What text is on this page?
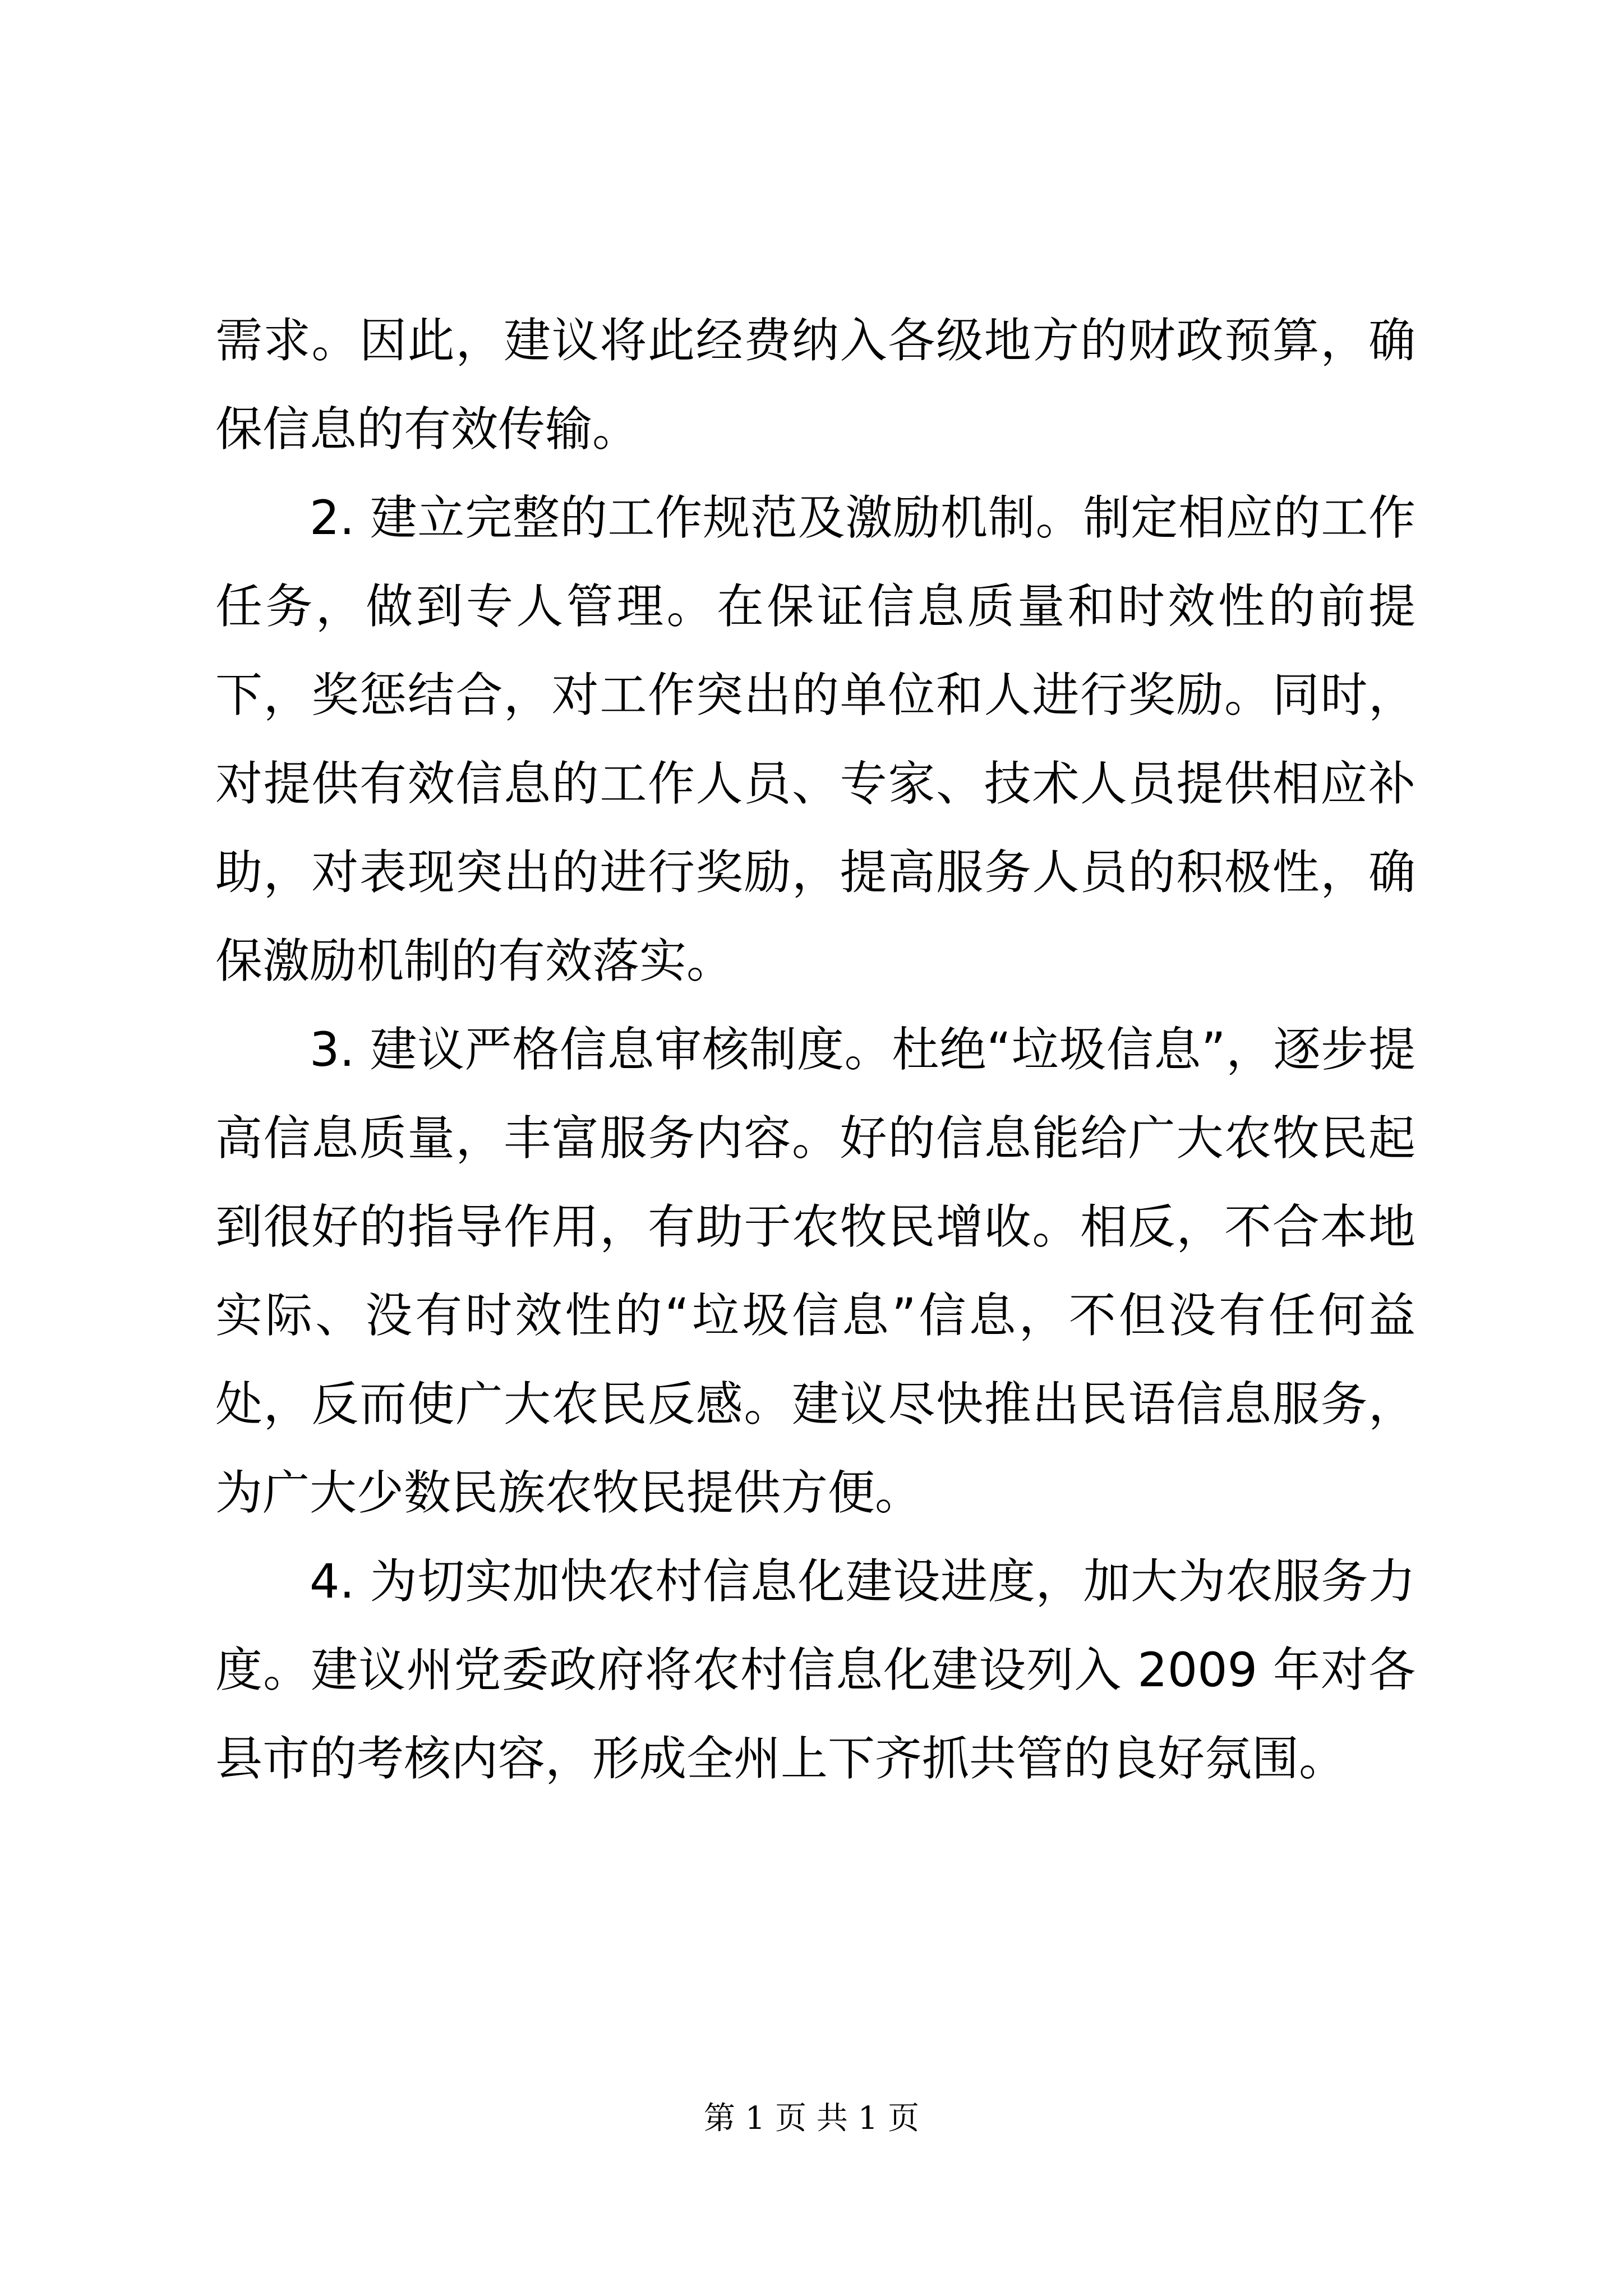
需求。因此，建议将此经费纳入各级地方的财政预算，确保信息的有效传输。

2. 建立完整的工作规范及激励机制。制定相应的工作任务，做到专人管理。在保证信息质量和时效性的前提下，奖惩结合，对工作突出的单位和人进行奖励。同时，对提供有效信息的工作人员、专家、技术人员提供相应补助，对表现突出的进行奖励，提高服务人员的积极性，确保激励机制的有效落实。

3. 建议严格信息审核制度。杜绝“垃圾信息”，逐步提高信息质量，丰富服务内容。好的信息能给广大农牧民起到很好的指导作用，有助于农牧民增收。相反，不合本地实际、没有时效性的“垃圾信息”信息，不但没有任何益处，反而使广大农民反感。建议尽快推出民语信息服务，为广大少数民族农牧民提供方便。

4. 为切实加快农村信息化建设进度，加大为农服务力度。建议州党委政府将农村信息化建设列入 2009 年对各县市的考核内容，形成全州上下齐抓共管的良好氛围。

第 1 页 共 1 页
